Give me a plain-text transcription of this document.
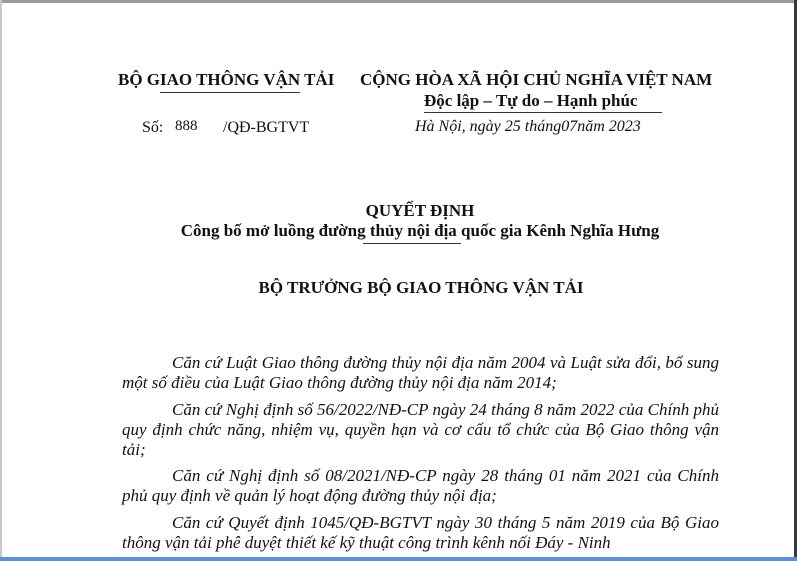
BỘ GIAO THÔNG VẬN TẢI CỘNG HÒA XÃ HỘI CHỦ NGHĨA VIỆT NAM
Độc lập – Tự do – Hạnh phúc
Số: 888 /QĐ-BGTVT	Hà Nội, ngày 25 tháng07năm 2023
QUYẾT ĐỊNH
Công bố mở luồng đường thủy nội địa quốc gia Kênh Nghĩa Hưng
BỘ TRƯỞNG BỘ GIAO THÔNG VẬN TẢI
Căn cứ Luật Giao thông đường thủy nội địa năm 2004 và Luật sửa đổi, bổ sung một số điều của Luật Giao thông đường thủy nội địa năm 2014;
Căn cứ Nghị định số 56/2022/NĐ-CP ngày 24 tháng 8 năm 2022 của Chính phủ quy định chức năng, nhiệm vụ, quyền hạn và cơ cấu tổ chức của Bộ Giao thông vận tải;
Căn cứ Nghị định số 08/2021/NĐ-CP ngày 28 tháng 01 năm 2021 của Chính phủ quy định về quản lý hoạt động đường thủy nội địa;
Căn cứ Quyết định 1045/QĐ-BGTVT ngày 30 tháng 5 năm 2019 của Bộ Giao thông vận tải phê duyệt thiết kế kỹ thuật công trình kênh nối Đáy - Ninh
